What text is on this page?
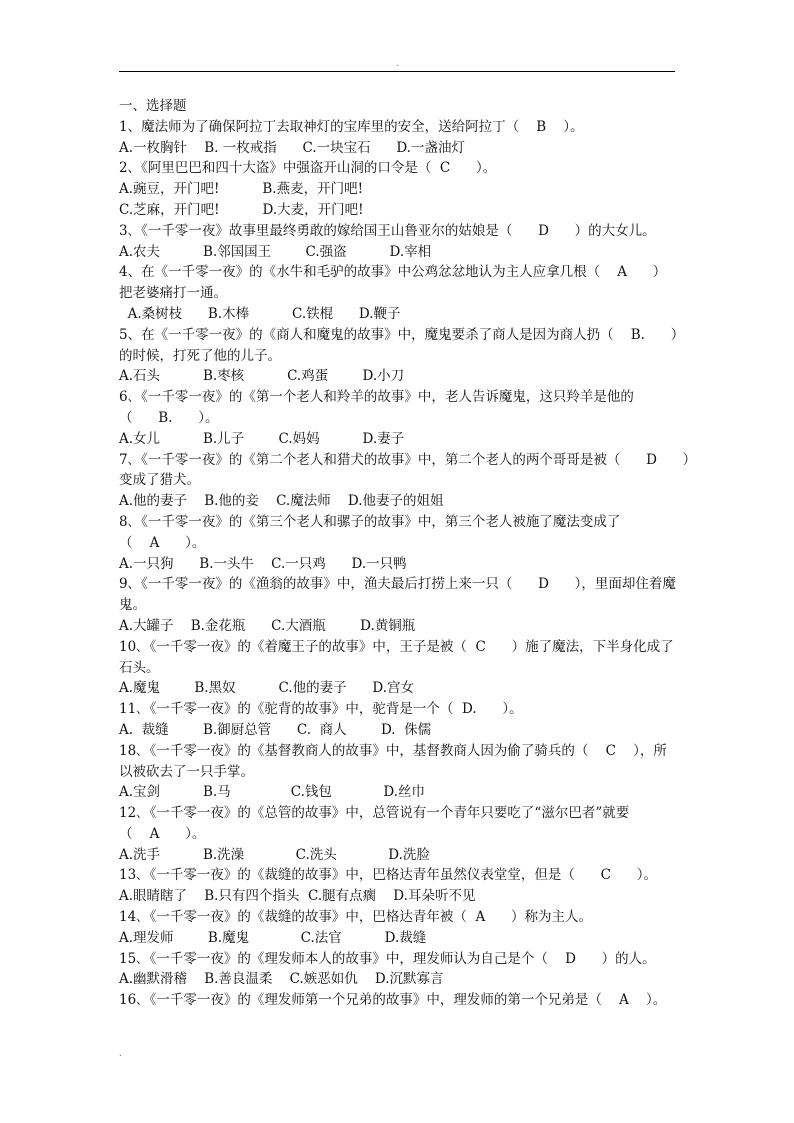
.
一、选择题
1、魔法师为了确保阿拉丁去取神灯的宝库里的安全，送给阿拉丁（    B    ）。
A.一枚胸针    B. 一枚戒指      C.一块宝石      D.一盏油灯
2､《阿里巴巴和四十大盗》中强盗开山洞的口令是（  C      ）。
A.豌豆，开门吧!          B.燕麦，开门吧!
C.芝麻，开门吧!          D.大麦，开门吧!
3､《一千零一夜》故事里最终勇敢的嫁给国王山鲁亚尔的姑娘是（      D      ）的大女儿。
A.农夫          B.邻国国王        C.强盗          D.宰相
4、在《一千零一夜》的《水牛和毛驴的故事》中公鸡忿忿地认为主人应拿几根（    A      ）
把老婆痛打一通。
A.桑树枝      B.木棒          C.铁棍      D.鞭子
5、在《一千零一夜》的《商人和魔鬼的故事》中，魔鬼要杀了商人是因为商人扔（    B.      ）
的时候，打死了他的儿子。
A.石头          B.枣核          C.鸡蛋        D.小刀
6､《一千零一夜》的《第一个老人和羚羊的故事》中，老人告诉魔鬼，这只羚羊是他的
（      B.      ）。
A.女儿          B.儿子        C.妈妈          D.妻子
7､《一千零一夜》的《第二个老人和猎犬的故事》中，第二个老人的两个哥哥是被（      D      ）
变成了猎犬。
A.他的妻子    B.他的妾    C.魔法师    D.他妻子的姐姐
8､《一千零一夜》的《第三个老人和骡子的故事》中，第三个老人被施了魔法变成了
（    A      ）。
A.一只狗      B.一头牛    C.一只鸡      D.一只鸭
9､《一千零一夜》的《渔翁的故事》中，渔夫最后打捞上来一只（      D      ），里面却住着魔
鬼。
A.大罐子    B.金花瓶      C.大酒瓶        D.黄铜瓶
10､《一千零一夜》的《着魔王子的故事》中，王子是被（  C      ）施了魔法，下半身化成了
石头。
A.魔鬼        B.黑奴          C.他的妻子      D.宫女
11､《一千零一夜》的《驼背的故事》中，驼背是一个（  D.      ）。
A.  裁缝        B.御厨总管      C.  商人        D.  侏儒
18､《一千零一夜》的《基督教商人的故事》中，基督教商人因为偷了骑兵的（    C    ），所
以被砍去了一只手掌。
A.宝剑          B.马              C.钱包            D.丝巾
12､《一千零一夜》的《总管的故事》中，总管说有一个青年只要吃了“滋尔巴者”就要
（    A      ）。
A.洗手          B.洗澡            C.洗头            D.洗脸
13､《一千零一夜》的《裁缝的故事》中，巴格达青年虽然仪表堂堂，但是（      C      ）。
A.眼睛瞎了    B.只有四个指头  C.腿有点瘸    D.耳朵听不见
14､《一千零一夜》的《裁缝的故事》中，巴格达青年被（  A      ）称为主人。
A.理发师        B.魔鬼            C.法官          D.裁缝
15､《一千零一夜》的《理发师本人的故事》中，理发师认为自己是个（    D      ）的人。
A.幽默滑稽    B.善良温柔    C.嫉恶如仇    D.沉默寡言
16､《一千零一夜》的《理发师第一个兄弟的故事》中，理发师的第一个兄弟是（    A    ）。
.
